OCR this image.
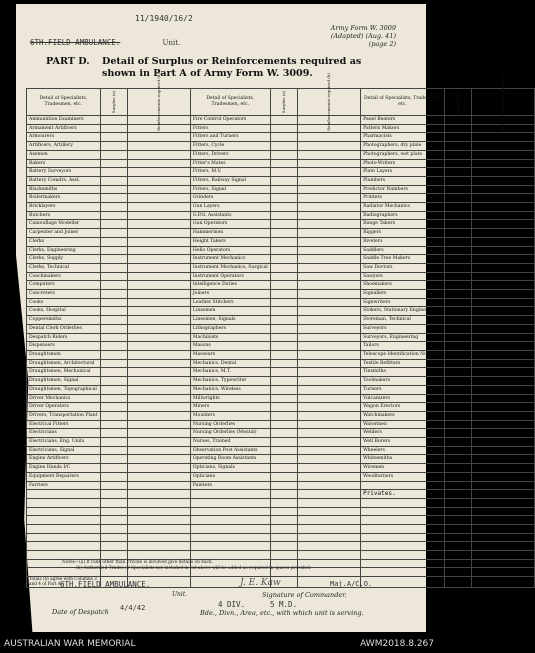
11/1940/16/2
6TH.FIELD AMBULANCE.	Unit.
Army Form W. 3009
(Adapted) (Aug. 41)
(page 2)
PART D. Detail of Surplus or Reinforcements required as shown in Part A of Army Form W. 3009.
Detail of Specialists, Tradesmen, etc.	Surplus (a)	Reinforcements required (b)	Detail of Specialists, Tradesmen, etc.	Surplus (a)	Reinforcements required (b)	Detail of Specialists, Tradesmen, etc.	Surplus (a)	Reinforcements required (b)
Ammunition Examiners			Fire Control Operators			Panel Beaters		
Armament Artificers			Fitters			Pattern Makers		
Armourers			Fitters and Turners			Pharmacists		
Artificers, Artillery			Fitters, Cycle			Photographers, dry plate		
Axemen			Fitters, Drivers			Photographers, wet plate		
Bakers			Fitter's Mates			Photo-Writers		
Battery Surveyors			Fitters, M.V.			Plate Layers		
Battery Comdrs. Asst.			Fitters, Railway Signal			Plumbers		
Blacksmiths			Fitters, Signal			Predictor Numbers		
Boilermakers			Grinders			Printers		
Bricklayers			Gun Layers			Radiator Mechanics		
Butchers			G.P.O. Assistants			Radiographers		
Camouflage Modeller			Gun Operators			Range Takers		
Carpenter and Joiner			Hammermen			Riggers		
Clerks			Height Takers			Riveters		
Clerks, Engineering			Hello Operators			Saddlers		
Clerks, Supply			Instrument Mechanics			Saddle Tree Makers		
Clerks, Technical			Instrument Mechanics, Surgical			Saw Doctors		
Coachmakers			Instrument Operators			Sawyers		
Computers			Intelligence Duties			Shoemakers		
Concreters			Joiners			Signallers		
Cooks			Leather Stitchers			Signwriters		
Cooks, Hospital			Linesmen			Stokers, Stationary Engine		
Coppersmiths			Linesmen, Signals			Storeman, Technical		
Dental Clerk Orderlies			Lithographers			Surveyors		
Despatch Riders			Machinists			Surveyors, Engineering		
Dispensers			Masons			Tailors		
Draughtsmen			Masseurs			Telescope Identification Numbers		
Draughtsmen, Architectural			Mechanics, Dental			Textile Refitters		
Draughtsmen, Mechanical			Mechanics, M.T.			Tinsmiths		
Draughtsmen, Signal			Mechanics, Typewriter			Toolmakers		
Draughtsmen, Topographical			Mechanics, Wireless			Turners		
Driver Mechanics			Millwrights			Vulcanizers		
Driver Operators			Miners			Wagon Erectors		
Drivers, Transportation Plant			Moulders			Watchmakers		
Electrical Fitters			Nursing Orderlies			Watermen		
Electricians			Nursing Orderlies (Mental)			Welders		
Electricians, Eng. Units			Nurses, Trained			Well Borers		
Electricians, Signal			Observation Post Assistants			Wheelers		
Engine Artificers			Operating Room Assistants			Whitesmiths		
Engine Hands I/C			Opticians, Signals			Wiremen		
Equipment Repairers			Opticians			Woodturners		
Farriers			Painters					
						Privates.		2

Totals (to agree with Columns 3 and 4 of Part A.)								
Notes—(a) If rank other than Private is involved give details on back.
(b) Authorised Trades or Specialists not included in list above will be added as required in spaces provided.
6TH.FIELD AMBULANCE.
Unit.
J. E. Kaw	Maj.A/C.O.
Signature of Commander.
Date of Despatch 4/4/42	4 DIV.	5 M.D.
Bde., Divn., Area, etc., with which unit is serving.
AUSTRALIAN WAR MEMORIAL	AWM2018.8.267
